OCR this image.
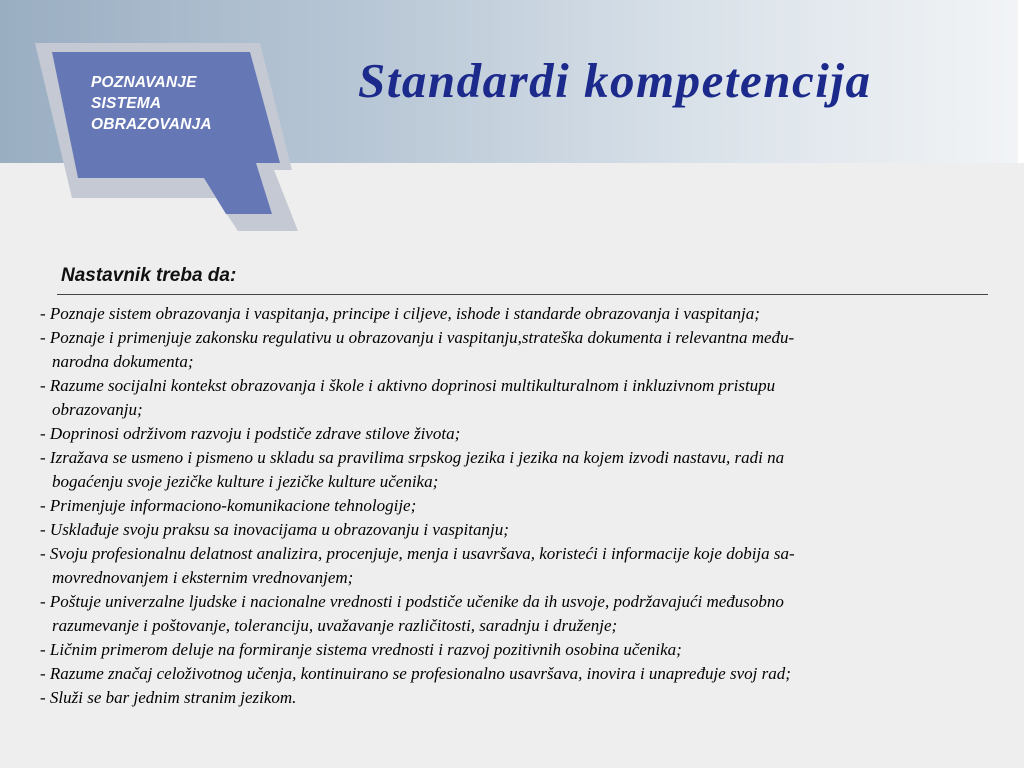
POZNAVANJE
SISTEMA
OBRAZOVANJA
Standardi kompetencija
Nastavnik treba da:
- Poznaje sistem obrazovanja i vaspitanja, principe i ciljeve, ishode i standarde obrazovanja i vaspitanja;
- Poznaje i primenjuje zakonsku regulativu u obrazovanju i vaspitanju,strateška dokumenta i relevantna među-
narodna dokumenta;
- Razume socijalni kontekst obrazovanja i škole i aktivno doprinosi multikulturalnom i inkluzivnom pristupu
obrazovanju;
- Doprinosi održivom razvoju i podstiče zdrave stilove života;
- Izražava se usmeno i pismeno u skladu sa pravilima srpskog jezika i jezika na kojem izvodi nastavu, radi na
bogaćenju svoje jezičke kulture i jezičke kulture učenika;
- Primenjuje informaciono-komunikacione tehnologije;
- Usklađuje svoju praksu sa inovacijama u obrazovanju i vaspitanju;
- Svoju profesionalnu delatnost analizira, procenjuje, menja i usavršava, koristeći i informacije koje dobija sa-
movrednovanjem i eksternim vrednovanjem;
- Poštuje univerzalne ljudske i nacionalne vrednosti i podstiče učenike da ih usvoje, podržavajući međusobno
razumevanje i poštovanje, toleranciju, uvažavanje različitosti, saradnju i druženje;
- Ličnim primerom deluje na formiranje sistema vrednosti i razvoj pozitivnih osobina učenika;
- Razume značaj celoživotnog učenja, kontinuirano se profesionalno usavršava, inovira i unapređuje svoj rad;
- Služi se bar jednim stranim jezikom.
